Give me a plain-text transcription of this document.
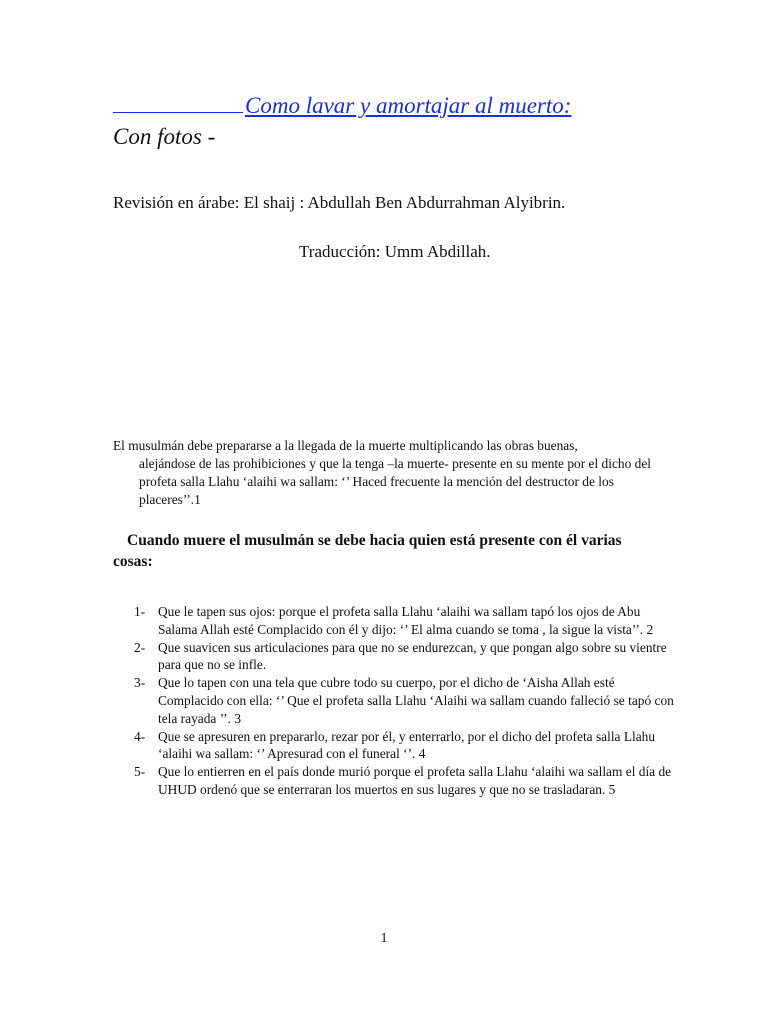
Como lavar y amortajar al muerto:
Con fotos -
Revisión en árabe: El shaij : Abdullah Ben Abdurrahman Alyibrin.
Traducción: Umm Abdillah.
El musulmán debe prepararse a la llegada de la muerte multiplicando las obras buenas,
alejándose de las prohibiciones y que la tenga –la muerte- presente en su mente por el dicho del profeta salla Llahu ‘alaihi wa sallam: ‘’ Haced frecuente la mención del destructor de los placeres’’.1
Cuando muere el musulmán se debe hacia quien está presente con él varias cosas:
1- Que le tapen sus ojos: porque el profeta salla Llahu ‘alaihi wa sallam tapó los ojos de Abu Salama Allah esté Complacido con él y dijo: ‘’ El alma cuando se toma , la sigue la vista’’. 2
2- Que suavicen sus articulaciones para que no se endurezcan, y que pongan algo sobre su vientre para que no se infle.
3- Que lo tapen con una tela que cubre todo su cuerpo, por el dicho de ‘Aisha Allah esté Complacido con ella: ‘’ Que el profeta salla Llahu ‘Alaihi wa sallam cuando falleció se tapó con tela rayada ’’. 3
4- Que se apresuren en prepararlo, rezar por él, y enterrarlo, por el dicho del profeta salla Llahu ‘alaihi wa sallam: ‘’ Apresurad con el funeral ‘’. 4
5- Que lo entierren en el país donde murió porque el profeta salla Llahu ‘alaihi wa sallam el día de UHUD ordenó que se enterraran los muertos en sus lugares y que no se trasladaran. 5
1
